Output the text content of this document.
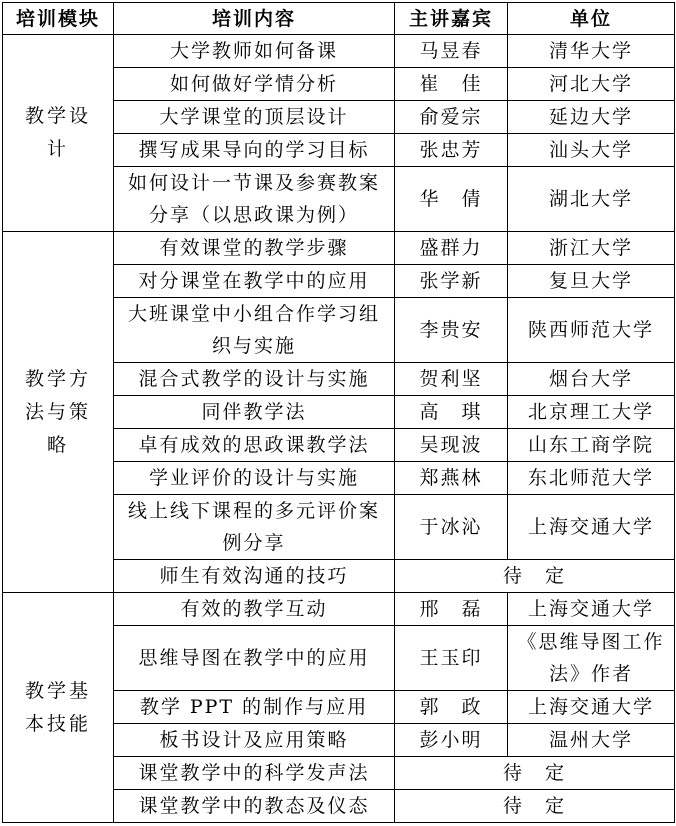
培训模块	培训内容	主讲嘉宾	单位
教学设计	大学教师如何备课	马昱春	清华大学
	如何做好学情分析	崔　佳	河北大学
	大学课堂的顶层设计	俞爱宗	延边大学
	撰写成果导向的学习目标	张忠芳	汕头大学
	如何设计一节课及参赛教案分享（以思政课为例）	华　倩	湖北大学
教学方法与策略	有效课堂的教学步骤	盛群力	浙江大学
	对分课堂在教学中的应用	张学新	复旦大学
	大班课堂中小组合作学习组织与实施	李贵安	陕西师范大学
	混合式教学的设计与实施	贺利坚	烟台大学
	同伴教学法	高　琪	北京理工大学
	卓有成效的思政课教学法	吴现波	山东工商学院
	学业评价的设计与实施	郑燕林	东北师范大学
	线上线下课程的多元评价案例分享	于冰沁	上海交通大学
	师生有效沟通的技巧	待　定	
教学基本技能	有效的教学互动	邢　磊	上海交通大学
	思维导图在教学中的应用	王玉印	《思维导图工作法》作者
	教学 PPT 的制作与应用	郭　政	上海交通大学
	板书设计及应用策略	彭小明	温州大学
	课堂教学中的科学发声法	待　定	
	课堂教学中的教态及仪态	待　定	
